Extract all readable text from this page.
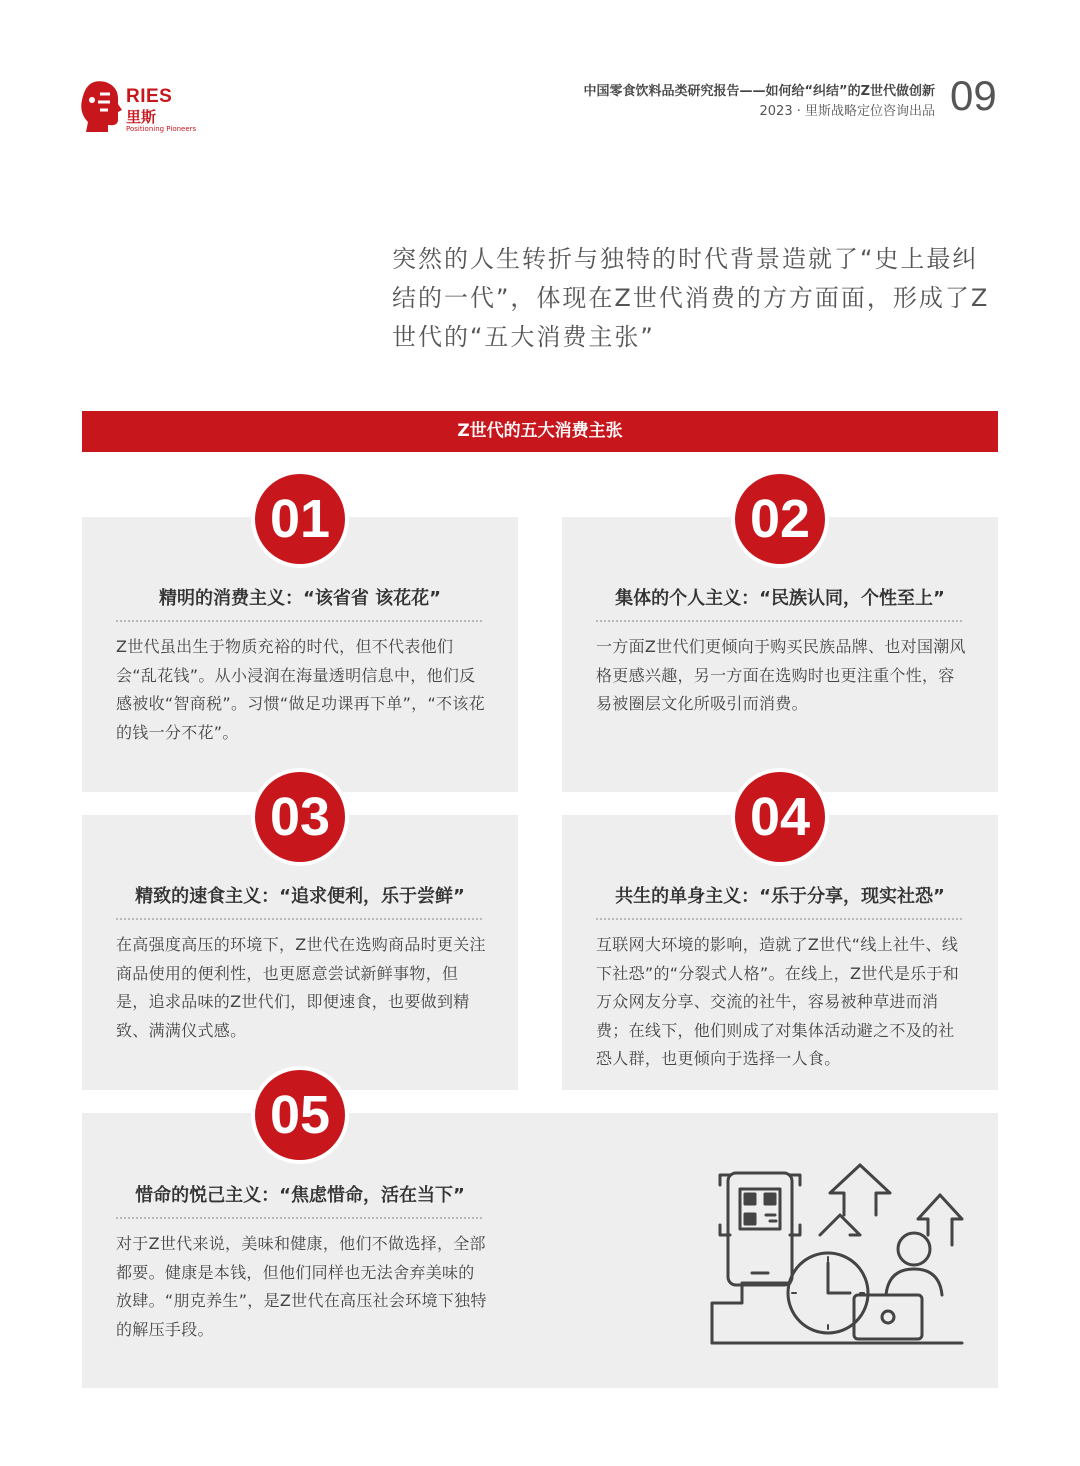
RIES
里斯
Positioning Pioneers
中国零食饮料品类研究报告——如何给“纠结”的Z世代做创新
2023 · 里斯战略定位咨询出品 09
突然的人生转折与独特的时代背景造就了“史上最纠结的一代”，体现在Z世代消费的方方面面，形成了Z世代的“五大消费主张”
Z世代的五大消费主张
01	02
03	04
05
精明的消费主义：“该省省 该花花”	集体的个人主义：“民族认同，个性至上”
精致的速食主义：“追求便利，乐于尝鲜”	共生的单身主义：“乐于分享，现实社恐”
惜命的悦己主义：“焦虑惜命，活在当下”
Z世代虽出生于物质充裕的时代，但不代表他们会“乱花钱”。从小浸润在海量透明信息中，他们反感被收“智商税”。习惯“做足功课再下单”，“不该花的钱一分不花”。
一方面Z世代们更倾向于购买民族品牌、也对国潮风格更感兴趣，另一方面在选购时也更注重个性，容易被圈层文化所吸引而消费。
在高强度高压的环境下，Z世代在选购商品时更关注商品使用的便利性，也更愿意尝试新鲜事物，但是，追求品味的Z世代们，即便速食，也要做到精致、满满仪式感。
互联网大环境的影响，造就了Z世代“线上社牛、线下社恐”的“分裂式人格”。在线上，Z世代是乐于和万众网友分享、交流的社牛，容易被种草进而消费；在线下，他们则成了对集体活动避之不及的社恐人群，也更倾向于选择一人食。
对于Z世代来说，美味和健康，他们不做选择，全部都要。健康是本钱，但他们同样也无法舍弃美味的放肆。“朋克养生”，是Z世代在高压社会环境下独特的解压手段。
